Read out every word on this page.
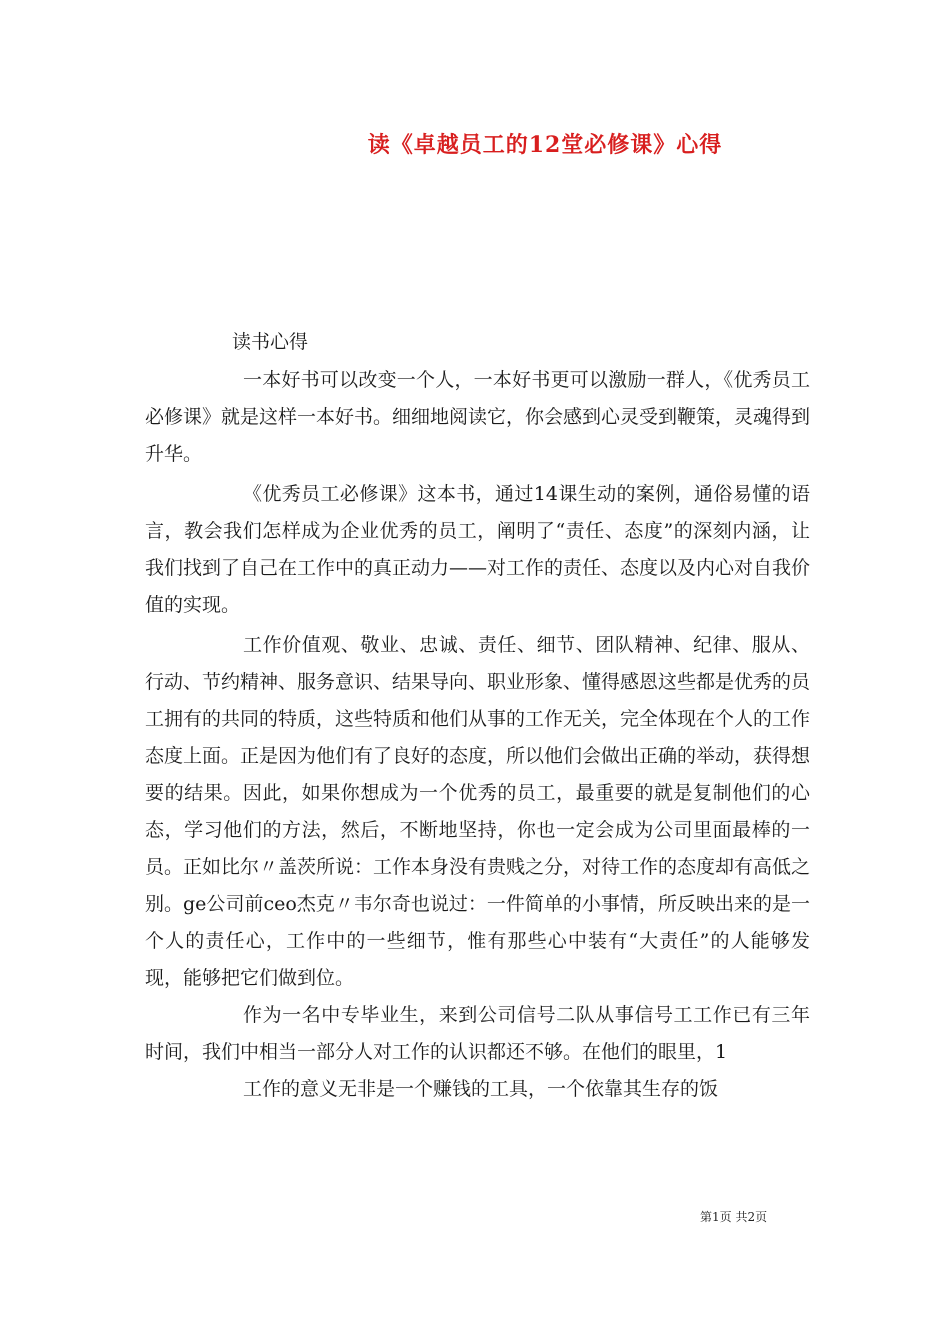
读《卓越员工的12堂必修课》心得
读书心得

一本好书可以改变一个人，一本好书更可以激励一群人，《优秀员工必修课》就是这样一本好书。细细地阅读它，你会感到心灵受到鞭策，灵魂得到升华。

《优秀员工必修课》这本书，通过14课生动的案例，通俗易懂的语言，教会我们怎样成为企业优秀的员工，阐明了“责任、态度”的深刻内涵，让我们找到了自己在工作中的真正动力——对工作的责任、态度以及内心对自我价值的实现。

工作价值观、敬业、忠诚、责任、细节、团队精神、纪律、服从、行动、节约精神、服务意识、结果导向、职业形象、懂得感恩这些都是优秀的员工拥有的共同的特质，这些特质和他们从事的工作无关，完全体现在个人的工作态度上面。正是因为他们有了良好的态度，所以他们会做出正确的举动，获得想要的结果。因此，如果你想成为一个优秀的员工，最重要的就是复制他们的心态，学习他们的方法，然后，不断地坚持，你也一定会成为公司里面最棒的一员。正如比尔〃盖茨所说：工作本身没有贵贱之分，对待工作的态度却有高低之别。ge公司前ceo杰克〃韦尔奇也说过：一件简单的小事情，所反映出来的是一个人的责任心，工作中的一些细节，惟有那些心中装有“大责任”的人能够发现，能够把它们做到位。

作为一名中专毕业生，来到公司信号二队从事信号工工作已有三年时间，我们中相当一部分人对工作的认识都还不够。在他们的眼里，1

工作的意义无非是一个赚钱的工具，一个依靠其生存的饭

第1页 共2页
